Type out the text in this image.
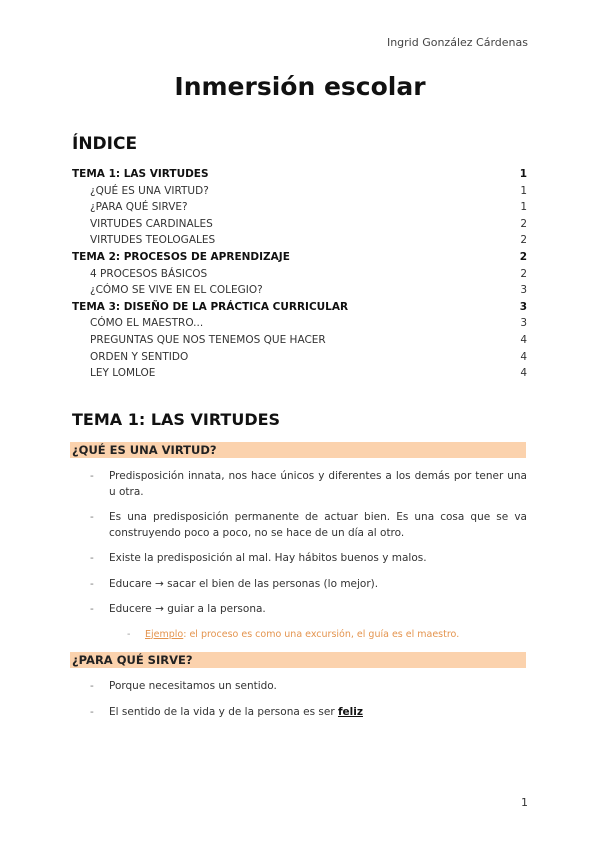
Ingrid González Cárdenas
Inmersión escolar
ÍNDICE
TEMA 1: LAS VIRTUDES	1
¿QUÉ ES UNA VIRTUD?	1
¿PARA QUÉ SIRVE?	1
VIRTUDES CARDINALES	2
VIRTUDES TEOLOGALES	2
TEMA 2: PROCESOS DE APRENDIZAJE	2
4 PROCESOS BÁSICOS	2
¿CÓMO SE VIVE EN EL COLEGIO?	3
TEMA 3: DISEÑO DE LA PRÁCTICA CURRICULAR	3
CÓMO EL MAESTRO...	3
PREGUNTAS QUE NOS TENEMOS QUE HACER	4
ORDEN Y SENTIDO	4
LEY LOMLOE	4
TEMA 1: LAS VIRTUDES
¿QUÉ ES UNA VIRTUD?
- Predisposición innata, nos hace únicos y diferentes a los demás por tener una u otra.
- Es una predisposición permanente de actuar bien. Es una cosa que se va construyendo poco a poco, no se hace de un día al otro.
- Existe la predisposición al mal. Hay hábitos buenos y malos.
- Educare → sacar el bien de las personas (lo mejor).
- Educere → guiar a la persona.
- Ejemplo: el proceso es como una excursión, el guía es el maestro.
¿PARA QUÉ SIRVE?
- Porque necesitamos un sentido.
- El sentido de la vida y de la persona es ser feliz
1
